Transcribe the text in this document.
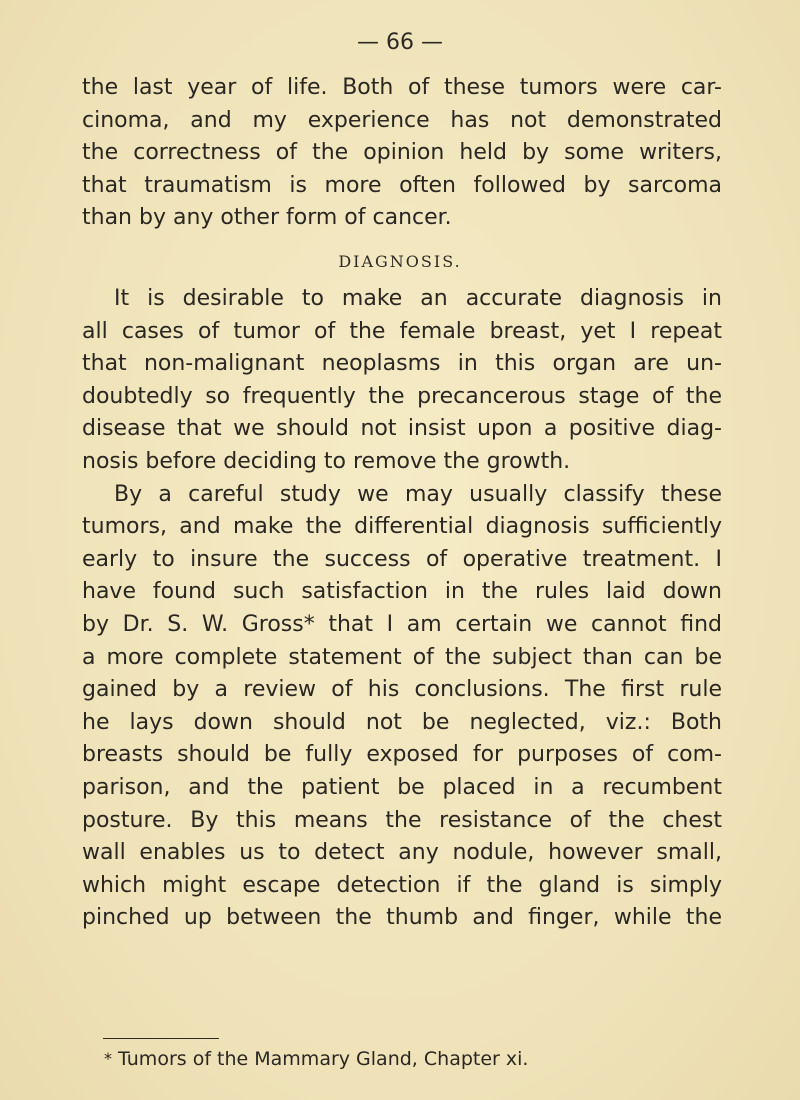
— 66 —
the last year of life. Both of these tumors were car-
cinoma, and my experience has not demonstrated
the correctness of the opinion held by some writers,
that traumatism is more often followed by sarcoma
than by any other form of cancer.
DIAGNOSIS.
It is desirable to make an accurate diagnosis in
all cases of tumor of the female breast, yet I repeat
that non-malignant neoplasms in this organ are un-
doubtedly so frequently the precancerous stage of the
disease that we should not insist upon a positive diag-
nosis before deciding to remove the growth.
By a careful study we may usually classify these
tumors, and make the differential diagnosis sufficiently
early to insure the success of operative treatment. I
have found such satisfaction in the rules laid down
by Dr. S. W. Gross* that I am certain we cannot find
a more complete statement of the subject than can be
gained by a review of his conclusions. The first rule
he lays down should not be neglected, viz.: Both
breasts should be fully exposed for purposes of com-
parison, and the patient be placed in a recumbent
posture. By this means the resistance of the chest
wall enables us to detect any nodule, however small,
which might escape detection if the gland is simply
pinched up between the thumb and finger, while the
* Tumors of the Mammary Gland, Chapter xi.
